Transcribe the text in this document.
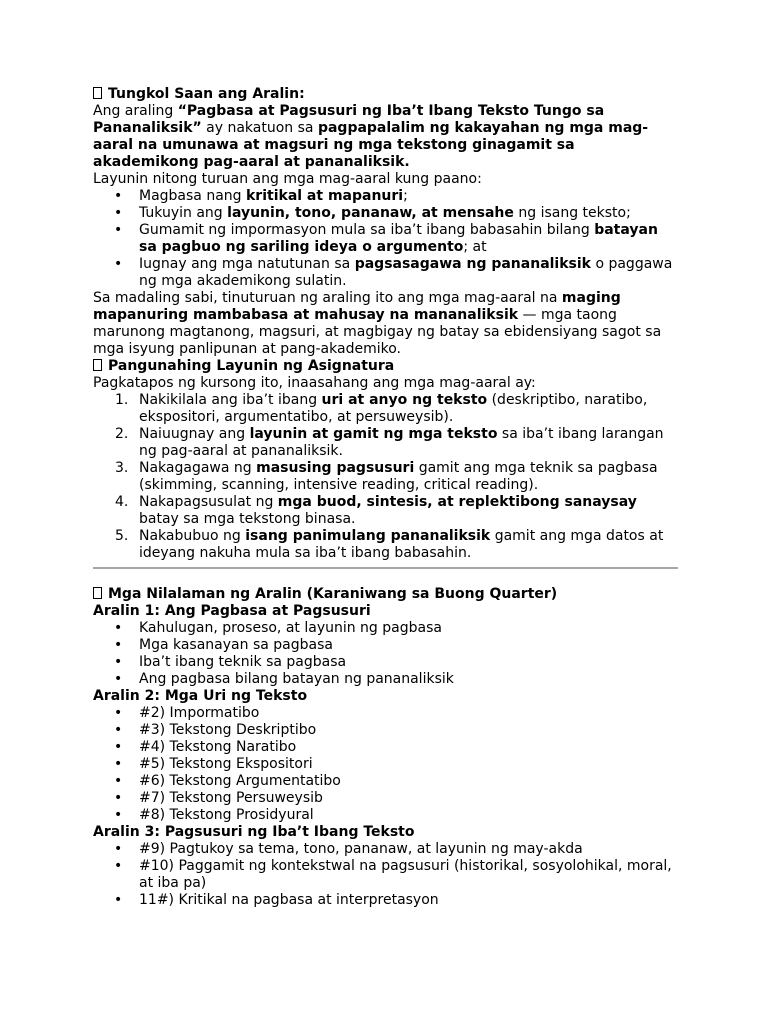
Tungkol Saan ang Aralin:

Ang araling “Pagbasa at Pagsusuri ng Iba’t Ibang Teksto Tungo sa Pananaliksik” ay nakatuon sa pagpapalalim ng kakayahan ng mga mag-aaral na umunawa at magsuri ng mga tekstong ginagamit sa akademikong pag-aaral at pananaliksik.

Layunin nitong turuan ang mga mag-aaral kung paano:

• Magbasa nang kritikal at mapanuri;
• Tukuyin ang layunin, tono, pananaw, at mensahe ng isang teksto;
• Gumamit ng impormasyon mula sa iba’t ibang babasahin bilang batayan sa pagbuo ng sariling ideya o argumento; at
• Iugnay ang mga natutunan sa pagsasagawa ng pananaliksik o paggawa ng mga akademikong sulatin.

Sa madaling sabi, tinuturuan ng araling ito ang mga mag-aaral na maging mapanuring mambabasa at mahusay na mananaliksik — mga taong marunong magtanong, magsuri, at magbigay ng batay sa ebidensiyang sagot sa mga isyung panlipunan at pang-akademiko.

Pangunahing Layunin ng Asignatura

Pagkatapos ng kursong ito, inaasahang ang mga mag-aaral ay:

1. Nakikilala ang iba’t ibang uri at anyo ng teksto (deskriptibo, naratibo, ekspositori, argumentatibo, at persuweysib).
2. Naiuugnay ang layunin at gamit ng mga teksto sa iba’t ibang larangan ng pag-aaral at pananaliksik.
3. Nakagagawa ng masusing pagsusuri gamit ang mga teknik sa pagbasa (skimming, scanning, intensive reading, critical reading).
4. Nakapagsusulat ng mga buod, sintesis, at replektibong sanaysay batay sa mga tekstong binasa.
5. Nakabubuo ng isang panimulang pananaliksik gamit ang mga datos at ideyang nakuha mula sa iba’t ibang babasahin.

Mga Nilalaman ng Aralin (Karaniwang sa Buong Quarter)

Aralin 1: Ang Pagbasa at Pagsusuri

• Kahulugan, proseso, at layunin ng pagbasa
• Mga kasanayan sa pagbasa
• Iba’t ibang teknik sa pagbasa
• Ang pagbasa bilang batayan ng pananaliksik

Aralin 2: Mga Uri ng Teksto

• #2) Impormatibo
• #3) Tekstong Deskriptibo
• #4) Tekstong Naratibo
• #5) Tekstong Ekspositori
• #6) Tekstong Argumentatibo
• #7) Tekstong Persuweysib
• #8) Tekstong Prosidyural

Aralin 3: Pagsusuri ng Iba’t Ibang Teksto

• #9) Pagtukoy sa tema, tono, pananaw, at layunin ng may-akda
• #10) Paggamit ng kontekstwal na pagsusuri (historikal, sosyolohikal, moral, at iba pa)
• 11#) Kritikal na pagbasa at interpretasyon
